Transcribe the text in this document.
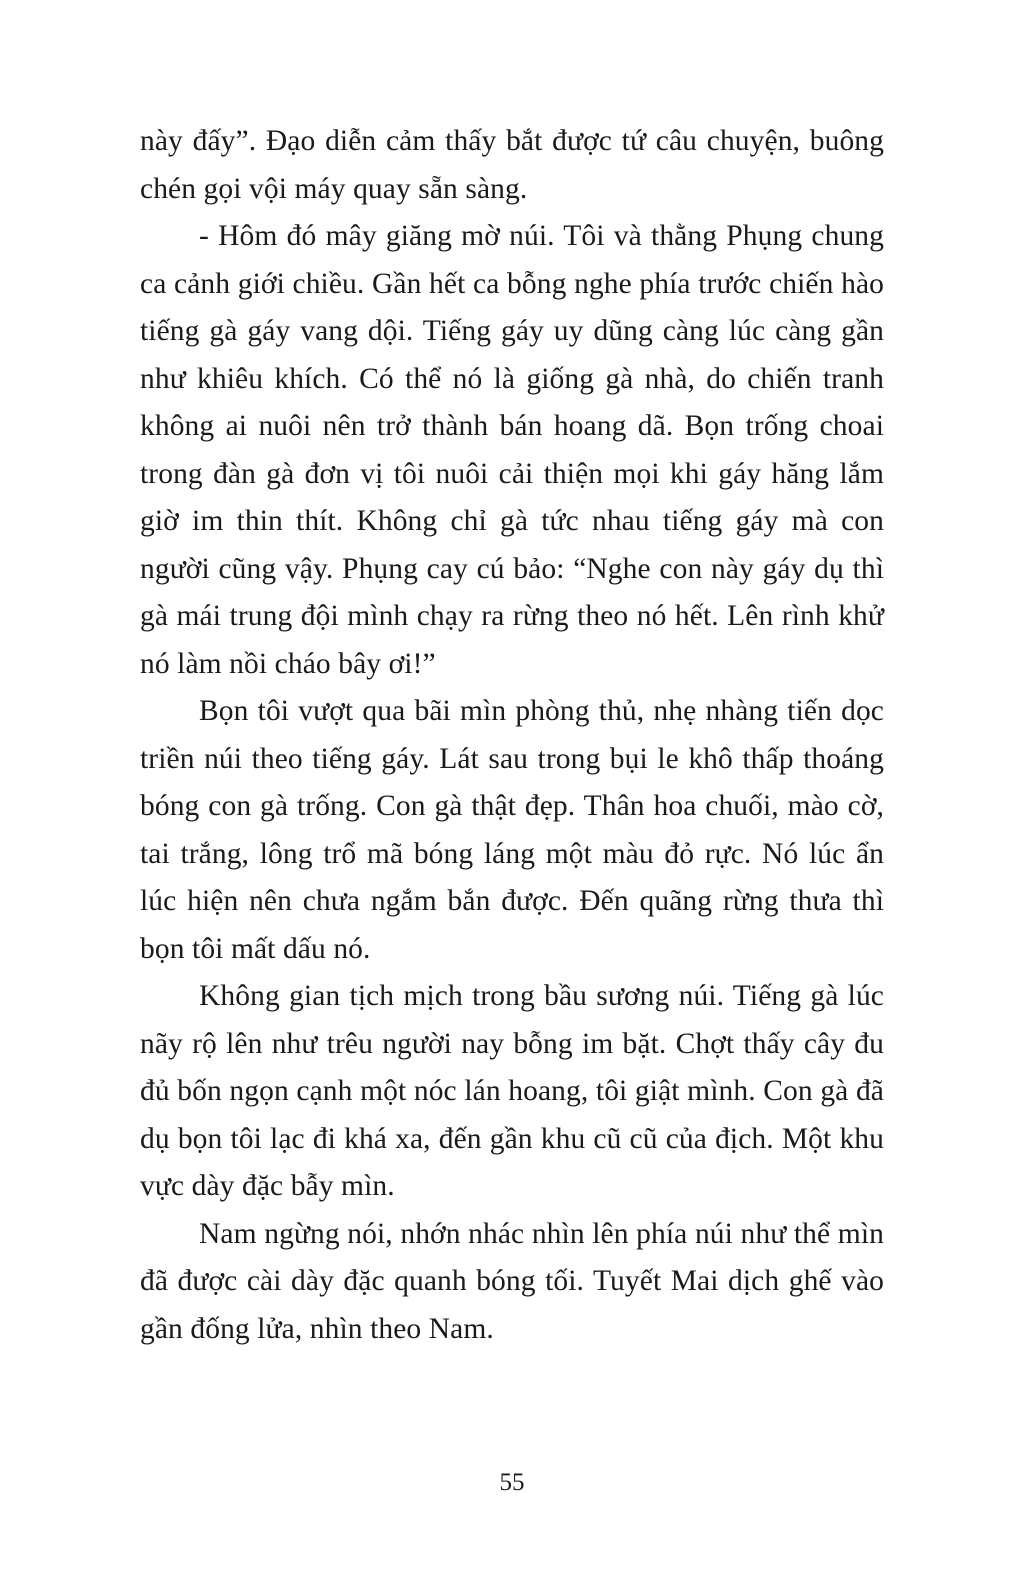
này đấy”. Đạo diễn cảm thấy bắt được tứ câu chuyện, buông chén gọi vội máy quay sẵn sàng.

- Hôm đó mây giăng mờ núi. Tôi và thằng Phụng chung ca cảnh giới chiều. Gần hết ca bỗng nghe phía trước chiến hào tiếng gà gáy vang dội. Tiếng gáy uy dũng càng lúc càng gần như khiêu khích. Có thể nó là giống gà nhà, do chiến tranh không ai nuôi nên trở thành bán hoang dã. Bọn trống choai trong đàn gà đơn vị tôi nuôi cải thiện mọi khi gáy hăng lắm giờ im thin thít. Không chỉ gà tức nhau tiếng gáy mà con người cũng vậy. Phụng cay cú bảo: “Nghe con này gáy dụ thì gà mái trung đội mình chạy ra rừng theo nó hết. Lên rình khử nó làm nồi cháo bây ơi!”

Bọn tôi vượt qua bãi mìn phòng thủ, nhẹ nhàng tiến dọc triền núi theo tiếng gáy. Lát sau trong bụi le khô thấp thoáng bóng con gà trống. Con gà thật đẹp. Thân hoa chuối, mào cờ, tai trắng, lông trổ mã bóng láng một màu đỏ rực. Nó lúc ẩn lúc hiện nên chưa ngắm bắn được. Đến quãng rừng thưa thì bọn tôi mất dấu nó.

Không gian tịch mịch trong bầu sương núi. Tiếng gà lúc nãy rộ lên như trêu người nay bỗng im bặt. Chợt thấy cây đu đủ bốn ngọn cạnh một nóc lán hoang, tôi giật mình. Con gà đã dụ bọn tôi lạc đi khá xa, đến gần khu cũ cũ của địch. Một khu vực dày đặc bẫy mìn.

Nam ngừng nói, nhớn nhác nhìn lên phía núi như thể mìn đã được cài dày đặc quanh bóng tối. Tuyết Mai dịch ghế vào gần đống lửa, nhìn theo Nam.

55
